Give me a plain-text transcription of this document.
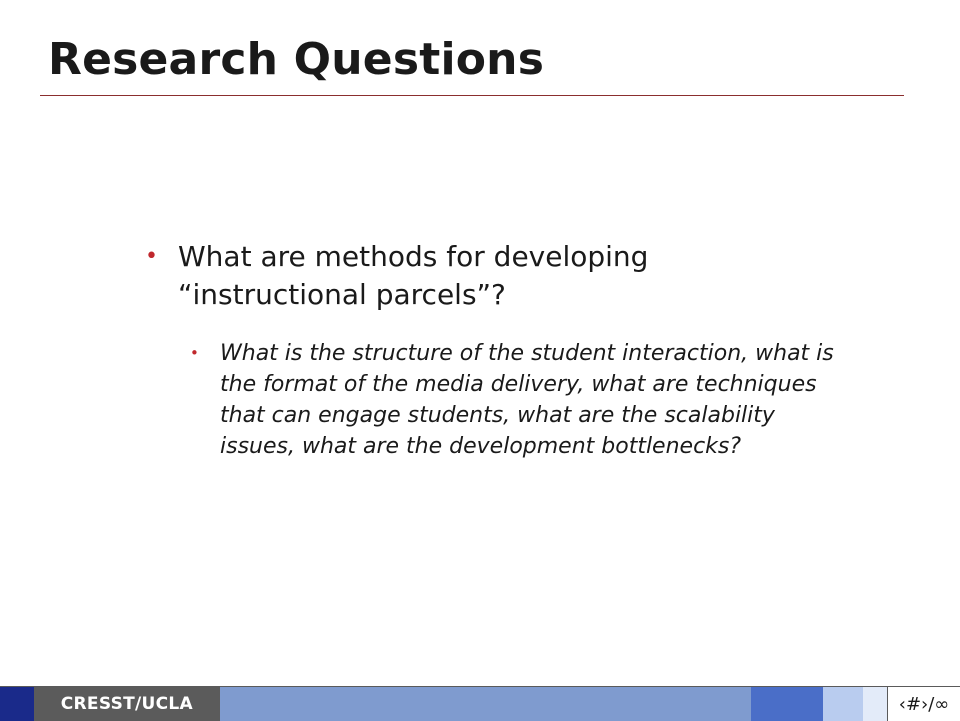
Research Questions
• What are methods for developing “instructional parcels”?
• What is the structure of the student interaction, what is the format of the media delivery, what are techniques that can engage students, what are the scalability issues, what are the development bottlenecks?
CRESST/UCLA	‹#›/∞
